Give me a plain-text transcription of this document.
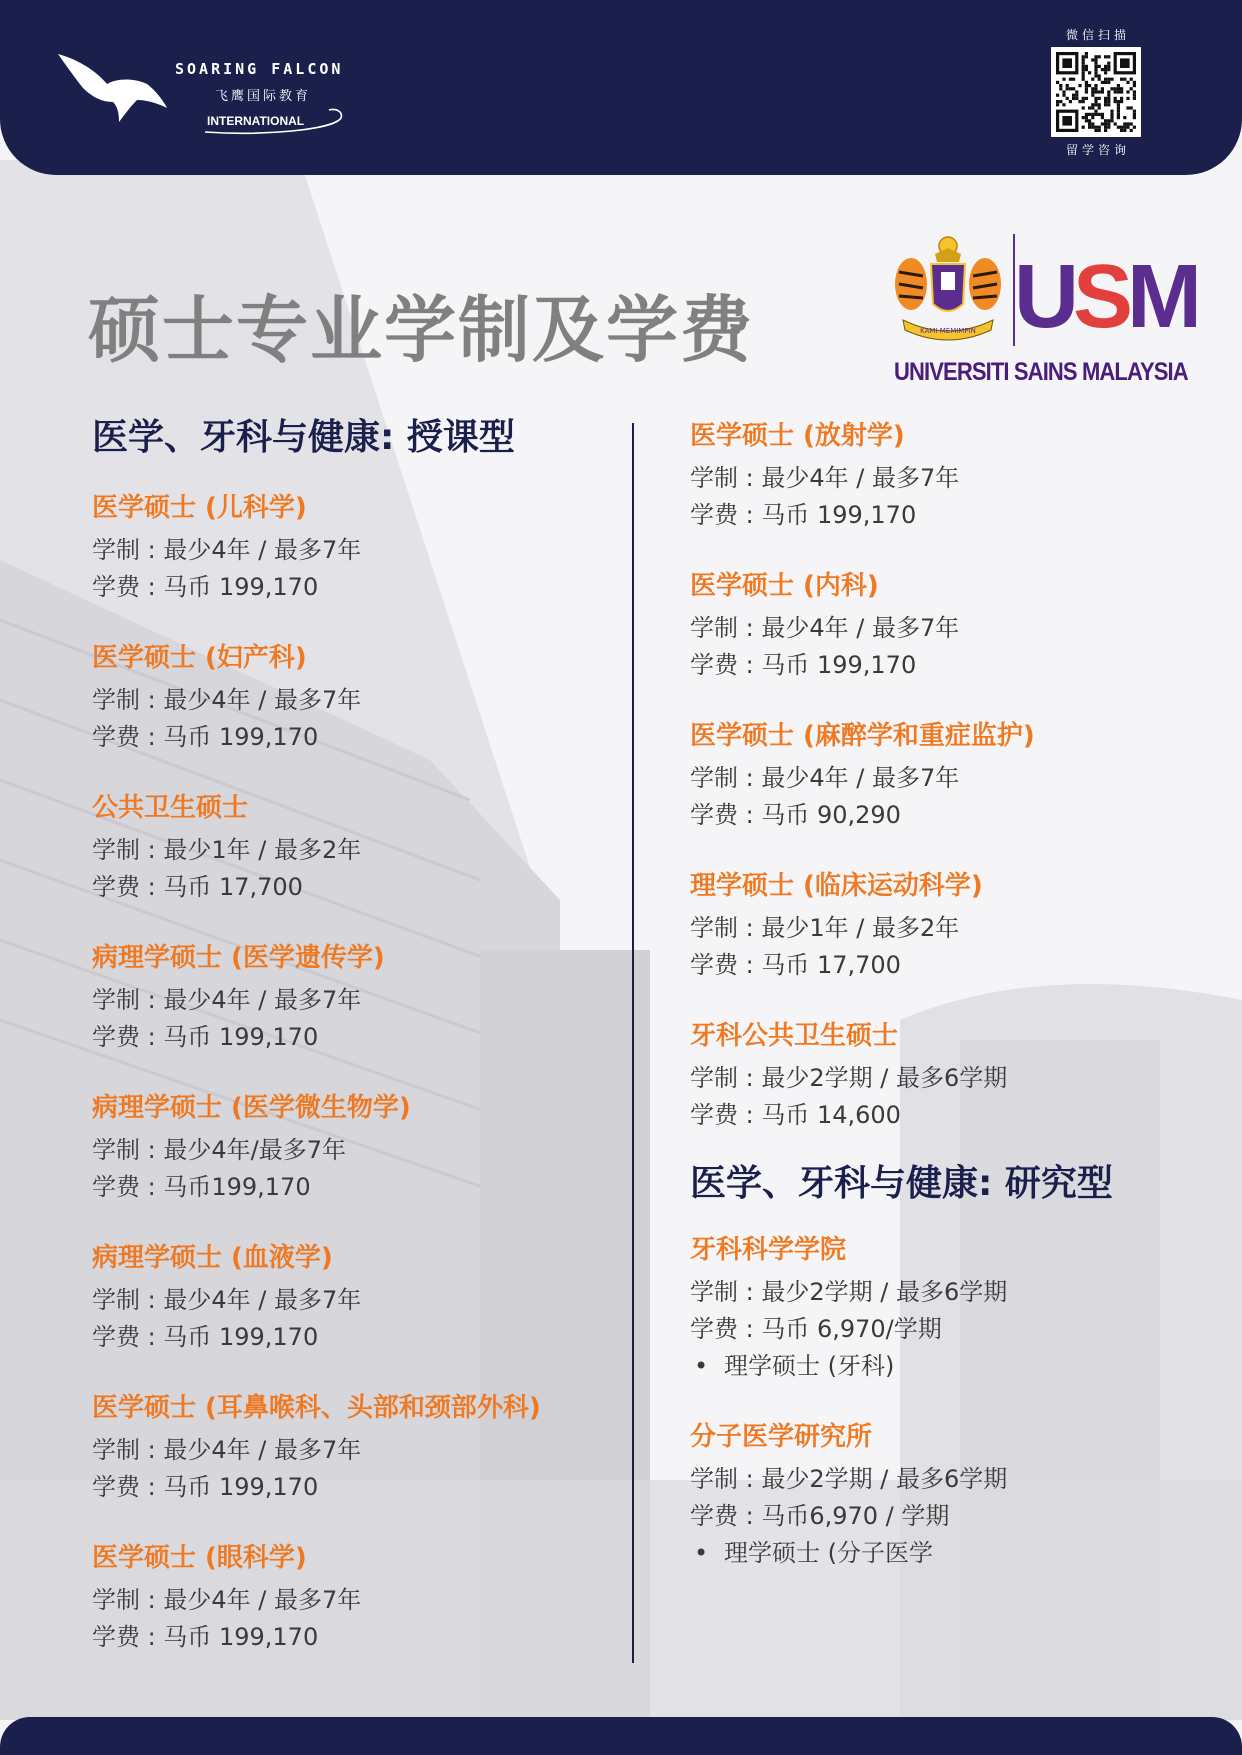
SOARING FALCON
飞鹰国际教育
INTERNATIONAL
微信扫描
留学咨询
硕士专业学制及学费	KAMI MEMIMPIN USM
UNIVERSITI SAINS MALAYSIA
医学、牙科与健康: 授课型
医学硕士 (儿科学)
学制 : 最少4年 / 最多7年
学费 : 马币 199,170
医学硕士 (妇产科)
学制 : 最少4年 / 最多7年
学费 : 马币 199,170
公共卫生硕士
学制 : 最少1年 / 最多2年
学费 : 马币 17,700
病理学硕士 (医学遗传学)
学制 : 最少4年 / 最多7年
学费 : 马币 199,170
病理学硕士 (医学微生物学)
学制 : 最少4年/最多7年
学费 : 马币199,170
病理学硕士 (血液学)
学制 : 最少4年 / 最多7年
学费 : 马币 199,170
医学硕士 (耳鼻喉科、头部和颈部外科)
学制 : 最少4年 / 最多7年
学费 : 马币 199,170
医学硕士 (眼科学)
学制 : 最少4年 / 最多7年
学费 : 马币 199,170
医学硕士 (放射学)
学制 : 最少4年 / 最多7年
学费 : 马币 199,170
医学硕士 (内科)
学制 : 最少4年 / 最多7年
学费 : 马币 199,170
医学硕士 (麻醉学和重症监护)
学制 : 最少4年 / 最多7年
学费 : 马币 90,290
理学硕士 (临床运动科学)
学制 : 最少1年 / 最多2年
学费 : 马币 17,700
牙科公共卫生硕士
学制 : 最少2学期 / 最多6学期
学费 : 马币 14,600
医学、牙科与健康: 研究型
牙科科学学院
学制 : 最少2学期 / 最多6学期
学费 : 马币 6,970/学期
• 理学硕士 (牙科)
分子医学研究所
学制 : 最少2学期 / 最多6学期
学费 : 马币6,970 / 学期
• 理学硕士 (分子医学
